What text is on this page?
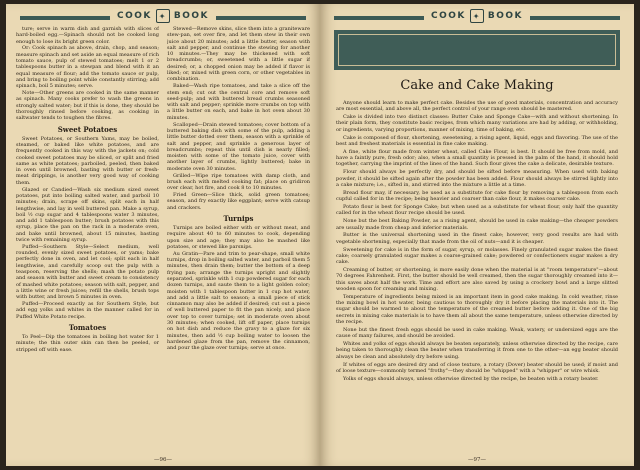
COOK ✦ BOOK

ture; serve in warm dish and garnish with slices of hard-boiled egg.—Spinach should not be cooked long enough to lose its bright green color.

Or: Cook spinach as above, drain, chop, and season; measure spinach and set aside an equal measure of rich tomato sauce, pulp of stewed tomatoes; melt 1 or 2 tablespoons butter in a stewpan and blend with it an equal measure of flour; add the tomato sauce or pulp, and bring to boiling point while constantly stirring; add spinach, boil 5 minutes; serve.

Note—Other greens are cooked in the same manner as spinach. Many cooks prefer to wash the greens in strongly salted water; but if this is done, they should be thoroughly rinsed before cooking, as cooking in saltwater tends to toughen the fibres.

Sweet Potatoes

Sweet Potatoes, or Southern Yams, may be boiled, steamed, or baked like white potatoes, and are frequently cooked in this way with the jackets on; cold cooked sweet potatoes may be sliced, or split and fried same as white potatoes; parboiled, peeled, then baked in oven until browned, basting with butter or fresh-meat drippings, is another very good way of cooking them.

Glazed or Candied—Wash six medium sized sweet potatoes, put into boiling salted water, and parboil 10 minutes; drain, scrape off skins, split each in half lengthwise, and lay in well buttered pan. Make a syrup, boil ½ cup sugar and 4 tablespoons water 3 minutes, and add 1 tablespoon butter; brush potatoes with this syrup, place the pan on the rack in a moderate oven, and bake until browned, about 15 minutes, basting twice with remaining syrup.

Puffed—Southern Style—Select medium, well rounded, evenly sized sweet potatoes, or yams; bake perfectly done in oven, and let cool; split each in half lengthwise, and carefully scoop out the pulp with a teaspoon, reserving the shells; mash the potato pulp and season with butter and sweet cream to consistency of mashed white potatoes; season with salt, pepper, and a little wine or fresh juices; refill the shells, brush tops with butter, and brown 5 minutes in oven.

Puffed—Proceed exactly as for Southern Style, but add egg yolks and whites in the manner called for in Puffed White Potato recipe.

Tomatoes

To Peel—Dip the tomatoes in boiling hot water for 1 minute; the thin outer skin can then be peeled, or stripped off with ease.

Stewed—Remove skins, slice them into a graniteware stew-pan, set over fire, and let them stew in their own juice about 20 minutes; add a little butter, season with salt and pepper, and continue the stewing for another 10 minutes.—They may be thickened with soft breadcrumbs; or, sweetened with a little sugar if desired; or, a chopped onion may be added if flavor is liked; or, mixed with green corn, or other vegetables in combination.

Baked—Wash ripe tomatoes, and take a slice off the stem end; cut out the central core and remove soft seed-pulp; and with buttered bread crumbs seasoned with salt and pepper; sprinkle more crumbs on top with a little butter on each, and bake in hot oven about 30 minutes.

Scalloped—Drain stewed tomatoes; cover bottom of a buttered baking dish with some of the pulp, adding a little butter dotted over them, season with a sprinkle of salt and pepper, and sprinkle a generous layer of breadcrumbs; repeat this until dish is nearly filled; moisten with some of the tomato juice, cover with another layer of crumbs, lightly buttered; bake in moderate oven 30 minutes.

Grilled—Wipe ripe tomatoes with damp cloth, and brush each with melted cooking fat; place on gridiron over clear, hot fire, and cook 8 to 10 minutes.

Fried Green—Slice thick, solid green tomatoes; season, and fry exactly like eggplant; serve with catsup and crackers.

Turnips

Turnips are boiled either with or without meat, and require about 40 to 60 minutes to cook, depending upon size and age; they may also be mashed like potatoes, or stewed like parsnips.

Au Gratin—Pare and trim to pear-shape, small white turnips, drop in boiling salted water, and parboil them 5 minutes, then drain them; butter the bottom of a deep frying pan; arrange the turnips upright and slightly separated, sprinkle with 1 cup powdered sugar for each dozen turnips, and saute them to a light golden color; moisten with 1 tablespoon butter in 1 cup hot water, and add a little salt to season; a small piece of stick cinnamon may also be added if desired; cut out a piece of well buttered paper to fit the pan nicely, and place over top to cover turnips; set in moderate oven about 30 minutes; when cooked, lift off paper, place turnips on hot dish and reduce the gravy to a glaze for six minutes, then add ½ cup boiling water to loosen the hardened glaze from the pan, remove the cinnamon, and pour the glaze over turnips; serve at once.

—96—
COOK ✦ BOOK
Cake and Cake Making

Anyone should learn to make perfect cake. Besides the use of good materials, concentration and accuracy are most essential, and above all, the perfect control of your range oven should be mastered.

Cake is divided into two distinct classes: Butter Cake and Sponge Cake—with and without shortening. In their plain form, they constitute basic recipes, from which many variations are had by adding, or withholding, or ingredients, varying proportions, manner of mixing, time of baking, etc.

Cake is composed of flour, shortening, sweetening, a rising agent, liquid, eggs and flavoring. The use of the best and freshest materials is essential in fine cake making.

A fine, white flour made from winter wheat, called Cake Flour, is best. It should be free from mold, and have a faintly pure, fresh odor; also, when a small quantity is pressed in the palm of the hand, it should hold together, carrying the imprint of the lines of the hand. Such flour gives the cake a delicate, desirable texture.

Flour should always be perfectly dry, and should be sifted before measuring. When used with baking powder, it should be sifted again after the powder has been added. Flour should always be stirred lightly into a cake mixture; i.e., sifted in, and stirred into the mixture a little at a time.

Bread flour may, if necessary, be used as a substitute for cake flour by removing a tablespoon from each cupful called for in the recipe; being heavier and coarser than cake flour, it makes coarser cake.

Potato flour is best for Sponge Cake; but when used as a substitute for wheat flour, only half the quantity called for in the wheat flour recipe should be used.

None but the best Baking Powder, as a rising agent, should be used in cake making—the cheaper powders are usually made from cheap and inferior materials.

Butter is the universal shortening used in the finest cake; however, very good results are had with vegetable shortening, especially that made from the oil of nuts—and it is cheaper.

Sweetening for cake is in the form of sugar, syrup, or molasses. Finely granulated sugar makes the finest cake; coarsely granulated sugar makes a coarse-grained cake; powdered or confectioners sugar makes a dry cake.

Creaming of butter, or shortening, is more easily done when the material is at "room temperature"—about 70 degrees Fahrenheit. First, the butter should be well creamed, then the sugar thoroughly creamed into it—this saves about half the work. Time and effort are also saved by using a crockery bowl and a large slitted wooden spoon for creaming and mixing.

Temperature of ingredients being mixed is an important item in good cake making. In cold weather, rinse the mixing bowl in hot water, being cautious to thoroughly dry it before placing the materials into it. The sugar should be warmed to about the temperature of the creamed butter before adding it. One of the big secrets in mixing cake materials is to have them all about the same temperature, unless otherwise directed by the recipe.

None but the finest fresh eggs should be used in cake making. Weak, watery, or undersized eggs are the cause of many failures, and should be avoided.

Whites and yolks of eggs should always be beaten separately, unless otherwise directed by the recipe, care being taken to thoroughly clean the beater when transferring it from one to the other—an egg beater should always be clean and absolutely dry before using.

If whites of eggs are desired dry and of close texture, a rotary (Dover) beater should be used; if moist and of loose texture—commonly termed "frothy"—they should be "whipped" with a "whipper" or wire whisk.

Yolks of eggs should always, unless otherwise directed by the recipe, be beaten with a rotary beater.

—97—
